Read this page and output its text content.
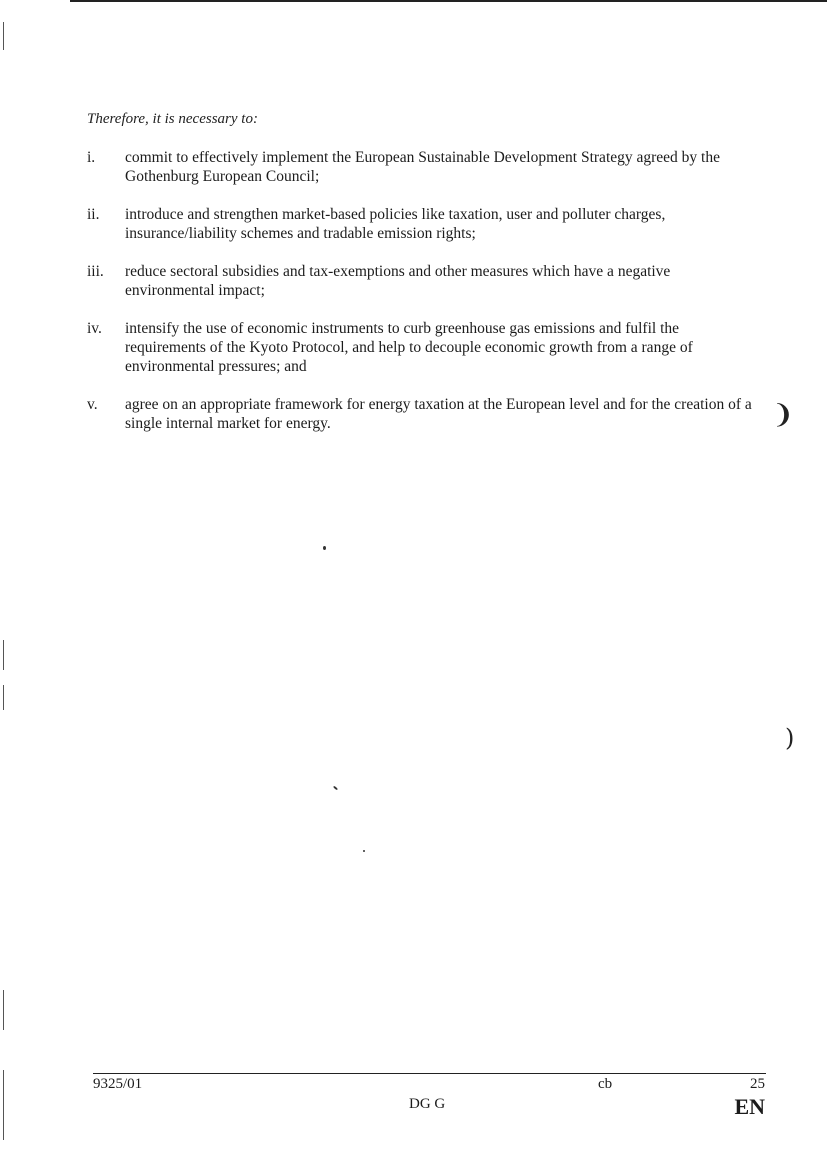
Therefore, it is necessary to:
i.	commit to effectively implement the European Sustainable Development Strategy agreed by the Gothenburg European Council;
ii.	introduce and strengthen market-based policies like taxation, user and polluter charges, insurance/liability schemes and tradable emission rights;
iii.	reduce sectoral subsidies and tax-exemptions and other measures which have a negative environmental impact;
iv.	intensify the use of economic instruments to curb greenhouse gas emissions and fulfil the requirements of the Kyoto Protocol, and help to decouple economic growth from a range of environmental pressures; and
v.	agree on an appropriate framework for energy taxation at the European level and for the creation of a single internal market for energy.	❩
)
9325/01	cb	25
DG G	EN
